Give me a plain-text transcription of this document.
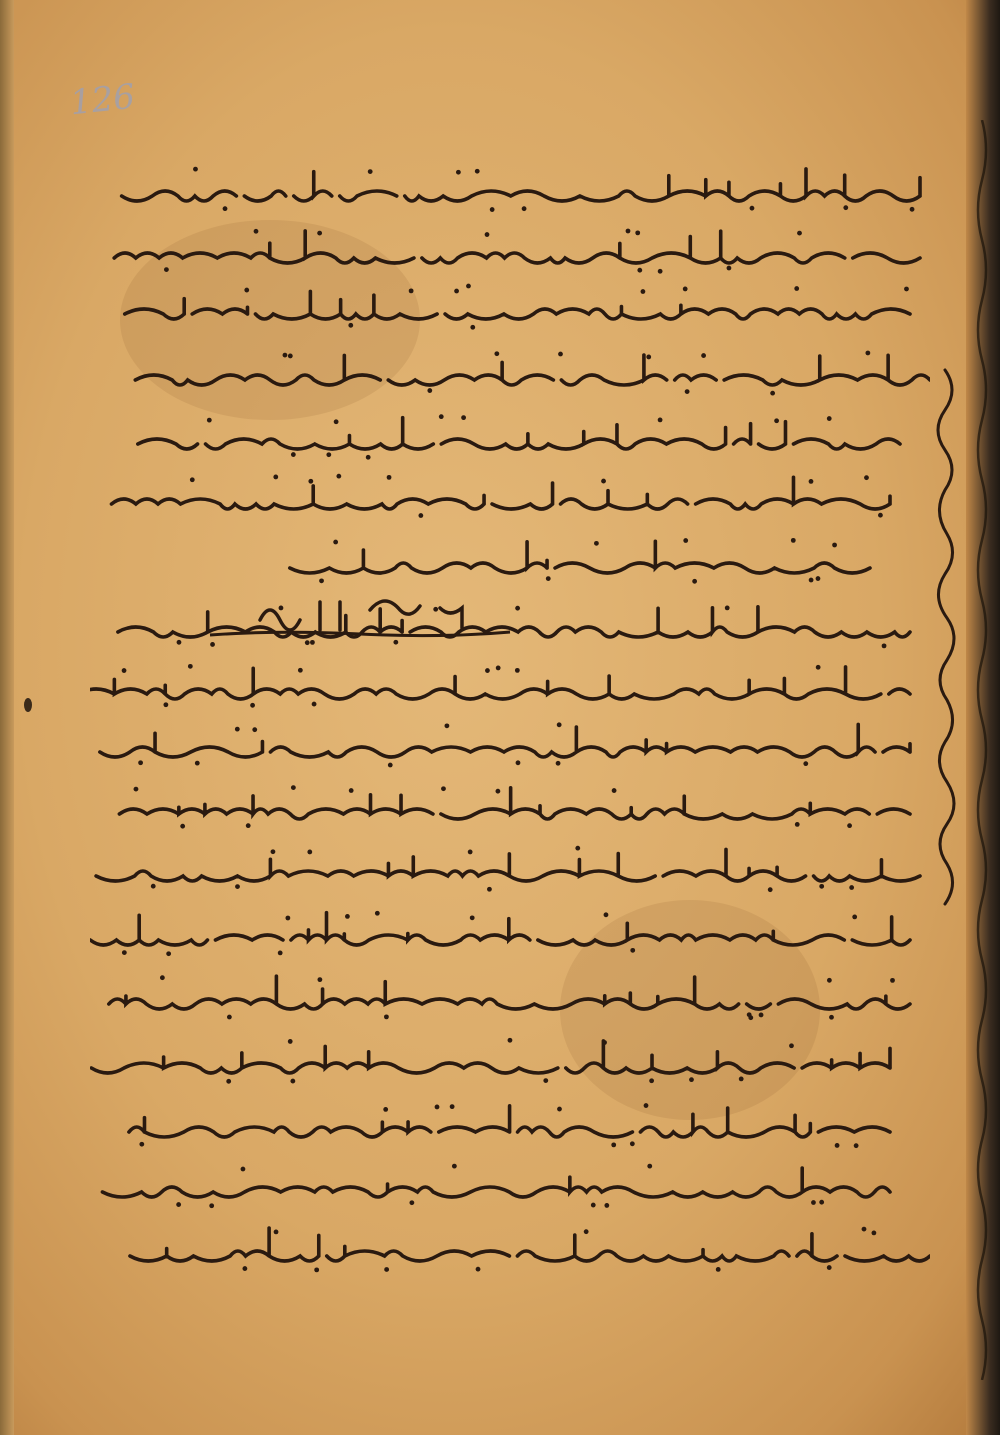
126
